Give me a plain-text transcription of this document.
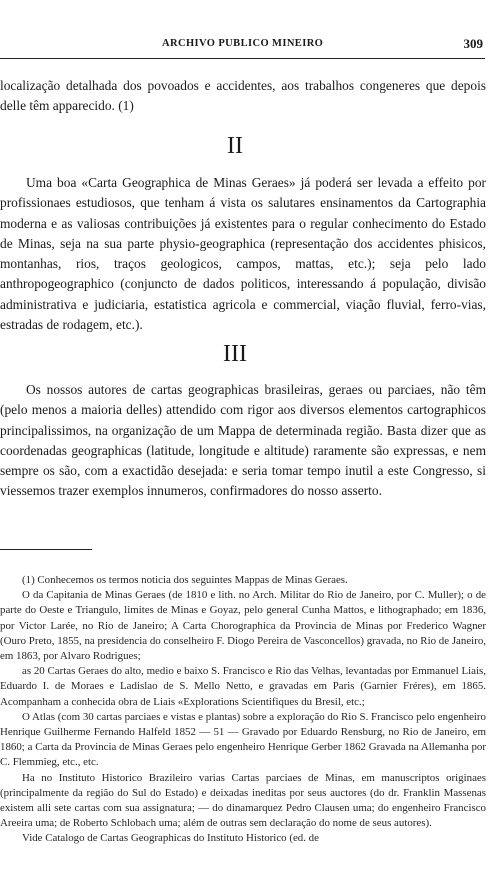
ARCHIVO PUBLICO MINEIRO	309

localização detalhada dos povoados e accidentes, aos trabalhos congeneres que depois delle têm apparecido. (1)

II

Uma boa «Carta Geographica de Minas Geraes» já poderá ser levada a effeito por profissionaes estudiosos, que tenham á vista os salutares ensinamentos da Cartographia moderna e as valiosas contribuições já existentes para o regular conhecimento do Estado de Minas, seja na sua parte physio-geographica (representação dos accidentes phisicos, montanhas, rios, traços geologicos, campos, mattas, etc.); seja pelo lado anthropogeographico (conjuncto de dados politicos, interessando á população, divisão administrativa e judiciaria, estatistica agricola e commercial, viação fluvial, ferro-vias, estradas de rodagem, etc.).

III

Os nossos autores de cartas geographicas brasileiras, geraes ou parciaes, não têm (pelo menos a maioria delles) attendido com rigor aos diversos elementos cartographicos principalissimos, na organização de um Mappa de determinada região. Basta dizer que as coordenadas geographicas (latitude, longitude e altitude) raramente são expressas, e nem sempre os são, com a exactidão desejada: e seria tomar tempo inutil a este Congresso, si viessemos trazer exemplos innumeros, confirmadores do nosso asserto.

(1) Conhecemos os termos noticia dos seguintes Mappas de Minas Geraes.

O da Capitania de Minas Geraes (de 1810 e lith. no Arch. Militar do Rio de Janeiro, por C. Muller); o de parte do Oeste e Triangulo, limites de Minas e Goyaz, pelo general Cunha Mattos, e lithographado; em 1836, por Victor Larée, no Rio de Janeiro; A Carta Chorographica da Provincia de Minas por Frederico Wagner (Ouro Preto, 1855, na presidencia do conselheiro F. Diogo Pereira de Vasconcellos) gravada, no Rio de Janeiro, em 1863, por Alvaro Rodrigues;

as 20 Cartas Geraes do alto, medio e baixo S. Francisco e Rio das Velhas, levantadas por Emmanuel Liais, Eduardo I. de Moraes e Ladislao de S. Mello Netto, e gravadas em Paris (Garnier Fréres), em 1865. Acompanham a conhecida obra de Liais «Explorations Scientifiques du Bresil, etc.;

O Atlas (com 30 cartas parciaes e vistas e plantas) sobre a exploração do Rio S. Francisco pelo engenheiro Henrique Guilherme Fernando Halfeld 1852 — 51 — Gravado por Eduardo Rensburg, no Rio de Janeiro, em 1860; a Carta da Provincia de Minas Geraes pelo engenheiro Henrique Gerber 1862 Gravada na Allemanha por C. Flemmieg, etc., etc.

Ha no Instituto Historico Brazileiro varias Cartas parciaes de Minas, em manuscriptos originaes (principalmente da região do Sul do Estado) e deixadas ineditas por seus auctores (do dr. Franklin Massenas existem alli sete cartas com sua assignatura; — do dinamarquez Pedro Clausen uma; do engenheiro Francisco Areeira uma; de Roberto Schlobach uma; além de outras sem declaração do nome de seus autores).

Vide Catalogo de Cartas Geographicas do Instituto Historico (ed. de
